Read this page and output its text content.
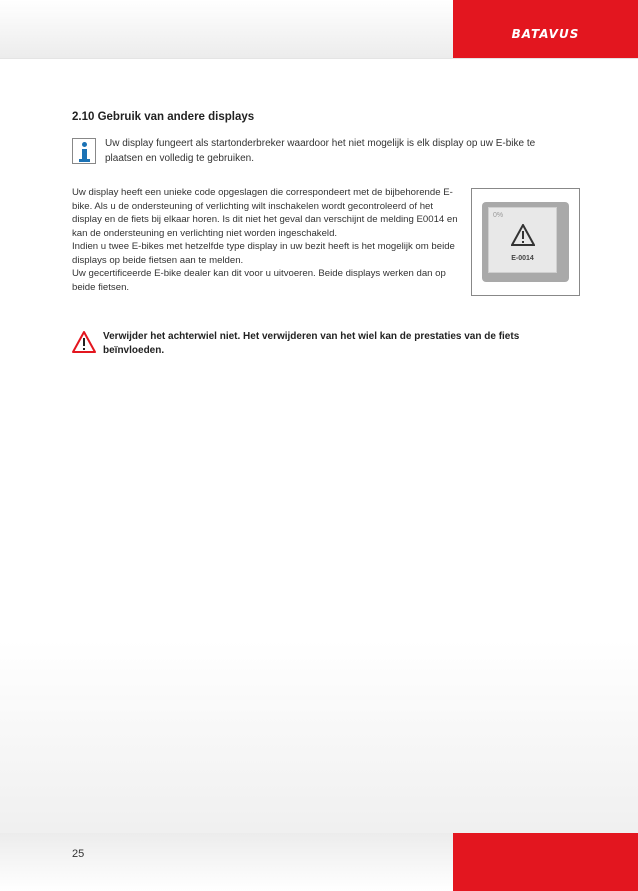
BATAVUS
2.10 Gebruik van andere displays
Uw display fungeert als startonderbreker waardoor het niet mogelijk is elk display op uw E-bike te plaatsen en volledig te gebruiken.

Uw display heeft een unieke code opgeslagen die correspondeert met de bijbehorende E-bike. Als u de ondersteuning of verlichting wilt inschakelen wordt gecontroleerd of het display en de fiets bij elkaar horen. Is dit niet het geval dan verschijnt de melding E0014 en kan de ondersteuning en verlichting niet worden ingeschakeld.

Indien u twee E-bikes met hetzelfde type display in uw bezit heeft is het mogelijk om beide displays op beide fietsen aan te melden.

Uw gecertificeerde E-bike dealer kan dit voor u uitvoeren. Beide displays werken dan op beide fietsen.

0%
E-0014
Verwijder het achterwiel niet. Het verwijderen van het wiel kan de prestaties van de fiets beïnvloeden.
25
